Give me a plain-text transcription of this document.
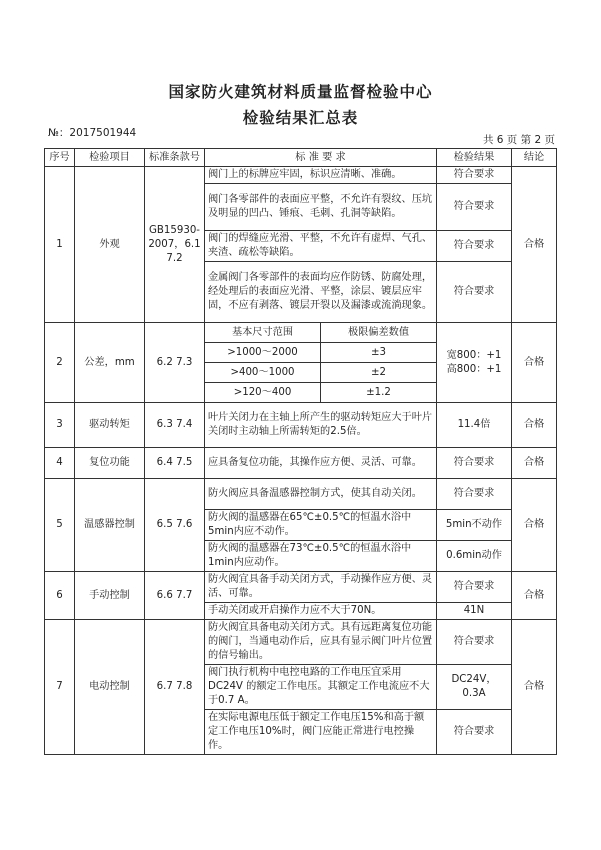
国家防火建筑材料质量监督检验中心
检验结果汇总表
№：2017501944
共 6 页 第 2 页
序号	检验项目	标准条款号	标 准 要 求	检验结果	结论
1	外观	GB15930-2007，6.1 7.2	阀门上的标牌应牢固，标识应清晰、准确。	符合要求	合格
阀门各零部件的表面应平整，不允许有裂纹、压坑及明显的凹凸、锤痕、毛刺、孔洞等缺陷。	符合要求
阀门的焊缝应光滑、平整，不允许有虚焊、气孔、夹渣、疏松等缺陷。	符合要求
金属阀门各零部件的表面均应作防锈、防腐处理，经处理后的表面应光滑、平整，涂层、镀层应牢固，不应有剥落、镀层开裂以及漏漆或流淌现象。	符合要求
2	公差，mm	6.2 7.3	
基本尺寸范围	极限偏差数值
>1000～2000	±3
>400～1000	±2
>120～400	±1.2
	宽800：+1 高800：+1	合格
3	驱动转矩	6.3 7.4	叶片关闭力在主轴上所产生的驱动转矩应大于叶片关闭时主动轴上所需转矩的2.5倍。	11.4倍	合格
4	复位功能	6.4 7.5	应具备复位功能，其操作应方便、灵活、可靠。	符合要求	合格
5	温感器控制	6.5 7.6	防火阀应具备温感器控制方式，使其自动关闭。	符合要求	合格
防火阀的温感器在65℃±0.5℃的恒温水浴中5min内应不动作。	5min不动作
防火阀的温感器在73℃±0.5℃的恒温水浴中1min内应动作。	0.6min动作
6	手动控制	6.6 7.7	防火阀宜具备手动关闭方式，手动操作应方便、灵活、可靠。	符合要求	合格
手动关闭或开启操作力应不大于70N。	41N
7	电动控制	6.7 7.8	防火阀宜具备电动关闭方式。具有远距离复位功能的阀门，当通电动作后，应具有显示阀门叶片位置的信号输出。	符合要求	合格
阀门执行机构中电控电路的工作电压宜采用 DC24V 的额定工作电压。其额定工作电流应不大于0.7 A。	DC24V，0.3A
在实际电源电压低于额定工作电压15%和高于额定工作电压10%时，阀门应能正常进行电控操作。	符合要求
